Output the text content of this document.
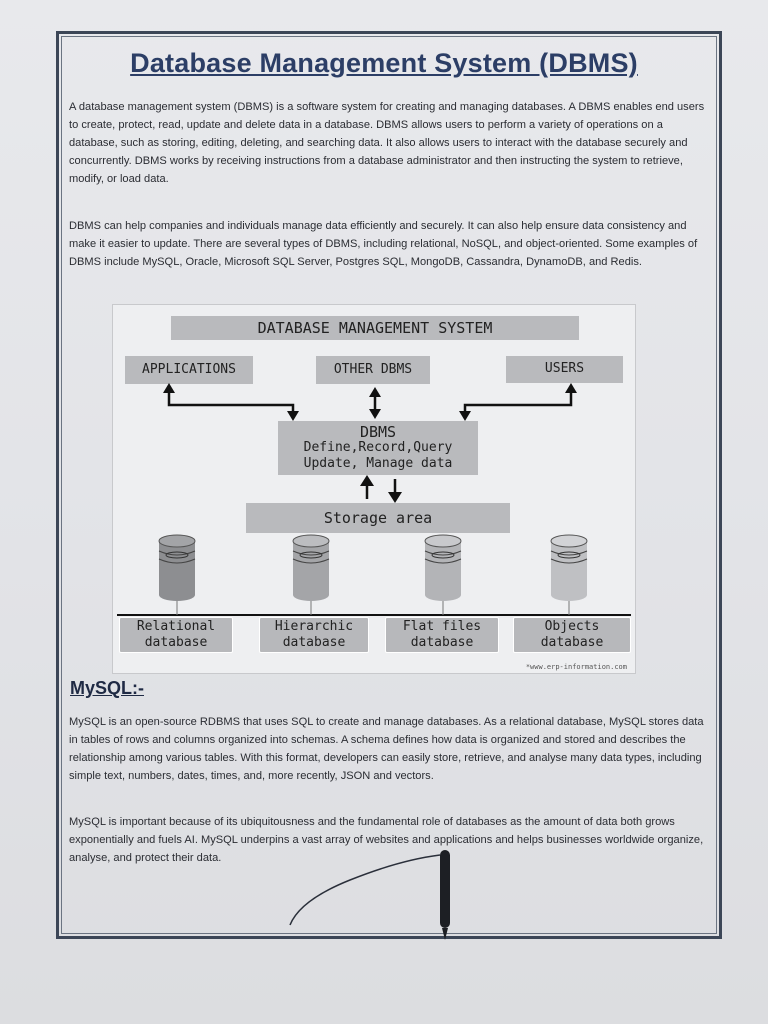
Database Management System (DBMS)
A database management system (DBMS) is a software system for creating and managing databases. A DBMS enables end users to create, protect, read, update and delete data in a database. DBMS allows users to perform a variety of operations on a database, such as storing, editing, deleting, and searching data. It also allows users to interact with the database securely and concurrently. DBMS works by receiving instructions from a database administrator and then instructing the system to retrieve, modify, or load data.
DBMS can help companies and individuals manage data efficiently and securely. It can also help ensure data consistency and make it easier to update. There are several types of DBMS, including relational, NoSQL, and object-oriented. Some examples of DBMS include MySQL, Oracle, Microsoft SQL Server, Postgres SQL, MongoDB, Cassandra, DynamoDB, and Redis.
DATABASE MANAGEMENT SYSTEM
APPLICATIONS	OTHER DBMS	USERS
DBMS
Define,Record,Query
Update, Manage data
Storage area
Relational
database
Hierarchic
database
Flat files
database
Objects
database
*www.erp-information.com
MySQL:-
MySQL is an open-source RDBMS that uses SQL to create and manage databases. As a relational database, MySQL stores data in tables of rows and columns organized into schemas. A schema defines how data is organized and stored and describes the relationship among various tables. With this format, developers can easily store, retrieve, and analyse many data types, including simple text, numbers, dates, times, and, more recently, JSON and vectors.
MySQL is important because of its ubiquitousness and the fundamental role of databases as the amount of data both grows exponentially and fuels AI. MySQL underpins a vast array of websites and applications and helps businesses worldwide organize, analyse, and protect their data.
